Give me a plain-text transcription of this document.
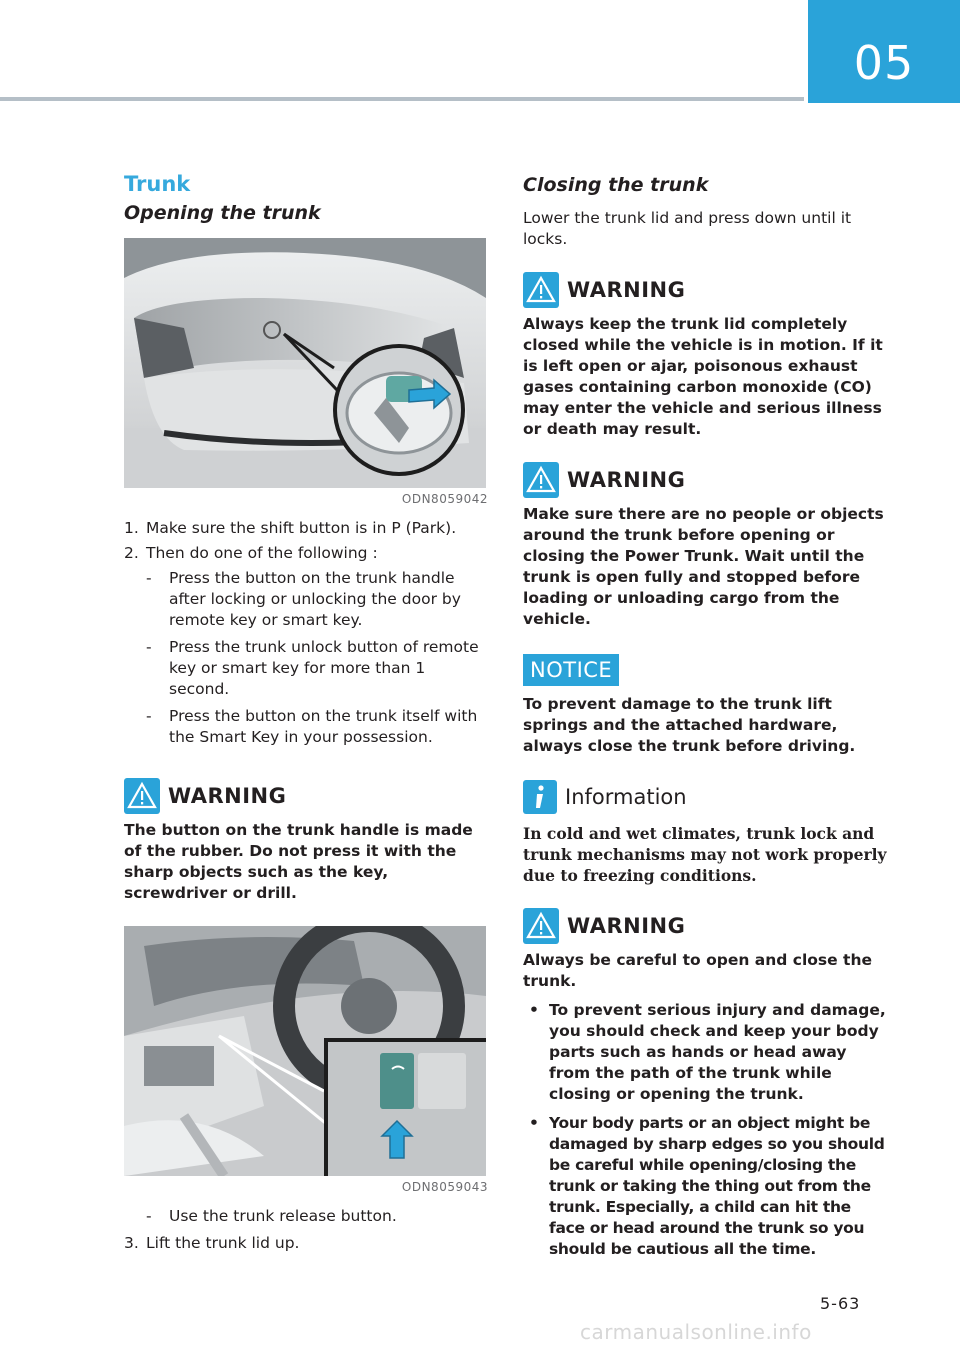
05
Trunk
Opening the trunk
ODN8059042

1. Make sure the shift button is in P (Park).

2. Then do one of the following :

- Press the button on the trunk handle after locking or unlocking the door by remote key or smart key.

- Press the trunk unlock button of remote key or smart key for more than 1 second.

- Press the button on the trunk itself with the Smart Key in your possession.

WARNING

The button on the trunk handle is made of the rubber. Do not press it with the sharp objects such as the key, screwdriver or drill.

ODN8059043

- Use the trunk release button.

3. Lift the trunk lid up.

Closing the trunk

Lower the trunk lid and press down until it locks.

WARNING

Always keep the trunk lid completely closed while the vehicle is in motion. If it is left open or ajar, poisonous exhaust gases containing carbon monoxide (CO) may enter the vehicle and serious illness or death may result.

WARNING

Make sure there are no people or objects around the trunk before opening or closing the Power Trunk. Wait until the trunk is open fully and stopped before loading or unloading cargo from the vehicle.

NOTICE

To prevent damage to the trunk lift springs and the attached hardware, always close the trunk before driving.

Information

In cold and wet climates, trunk lock and trunk mechanisms may not work properly due to freezing conditions.

WARNING

Always be careful to open and close the trunk.

• To prevent serious injury and damage, you should check and keep your body parts such as hands or head away from the path of the trunk while closing or opening the trunk.

• Your body parts or an object might be damaged by sharp edges so you should be careful while opening/closing the trunk or taking the thing out from the trunk. Especially, a child can hit the face or head around the trunk so you should be cautious all the time.

5-63
carmanualsonline.info
